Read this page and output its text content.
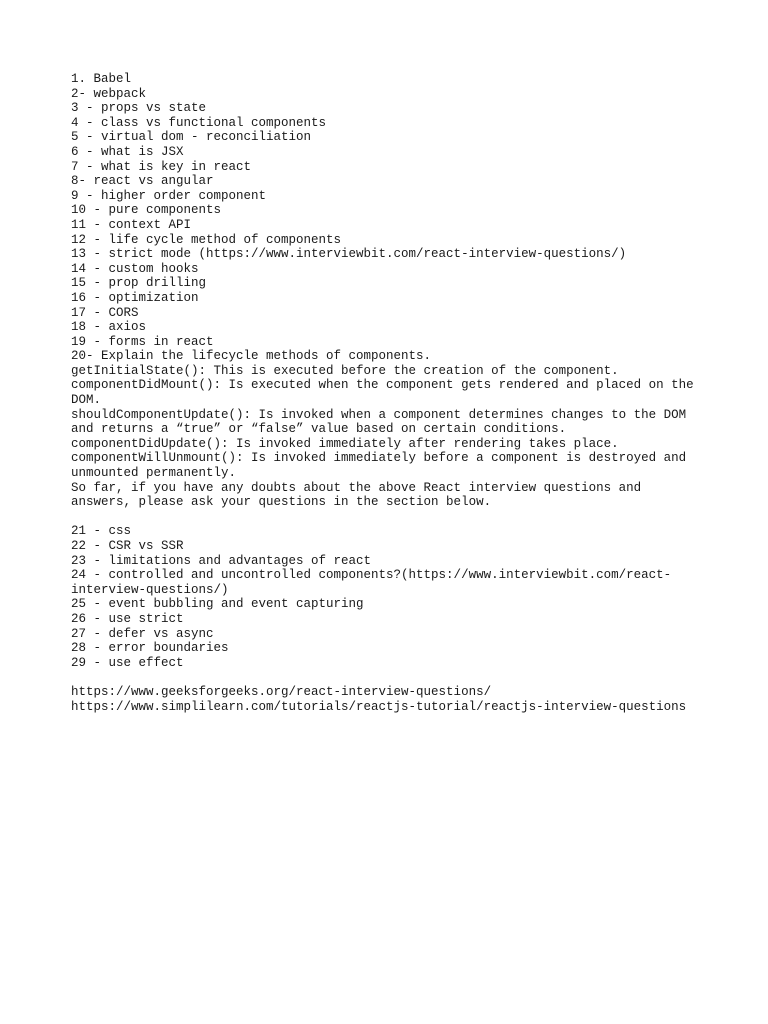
1. Babel
2- webpack
3 - props vs state
4 - class vs functional components
5 - virtual dom - reconciliation
6 - what is JSX
7 - what is key in react
8- react vs angular
9 - higher order component
10 - pure components
11 - context API
12 - life cycle method of components
13 - strict mode (https://www.interviewbit.com/react-interview-questions/)
14 - custom hooks
15 - prop drilling
16 - optimization
17 - CORS
18 - axios
19 - forms in react
20- Explain the lifecycle methods of components.
getInitialState(): This is executed before the creation of the component.
componentDidMount(): Is executed when the component gets rendered and placed on the
DOM.
shouldComponentUpdate(): Is invoked when a component determines changes to the DOM
and returns a “true” or “false” value based on certain conditions.
componentDidUpdate(): Is invoked immediately after rendering takes place.
componentWillUnmount(): Is invoked immediately before a component is destroyed and
unmounted permanently.
So far, if you have any doubts about the above React interview questions and
answers, please ask your questions in the section below.
21 - css
22 - CSR vs SSR
23 - limitations and advantages of react
24 - controlled and uncontrolled components?(https://www.interviewbit.com/react-
interview-questions/)
25 - event bubbling and event capturing
26 - use strict
27 - defer vs async
28 - error boundaries
29 - use effect
https://www.geeksforgeeks.org/react-interview-questions/
https://www.simplilearn.com/tutorials/reactjs-tutorial/reactjs-interview-questions
